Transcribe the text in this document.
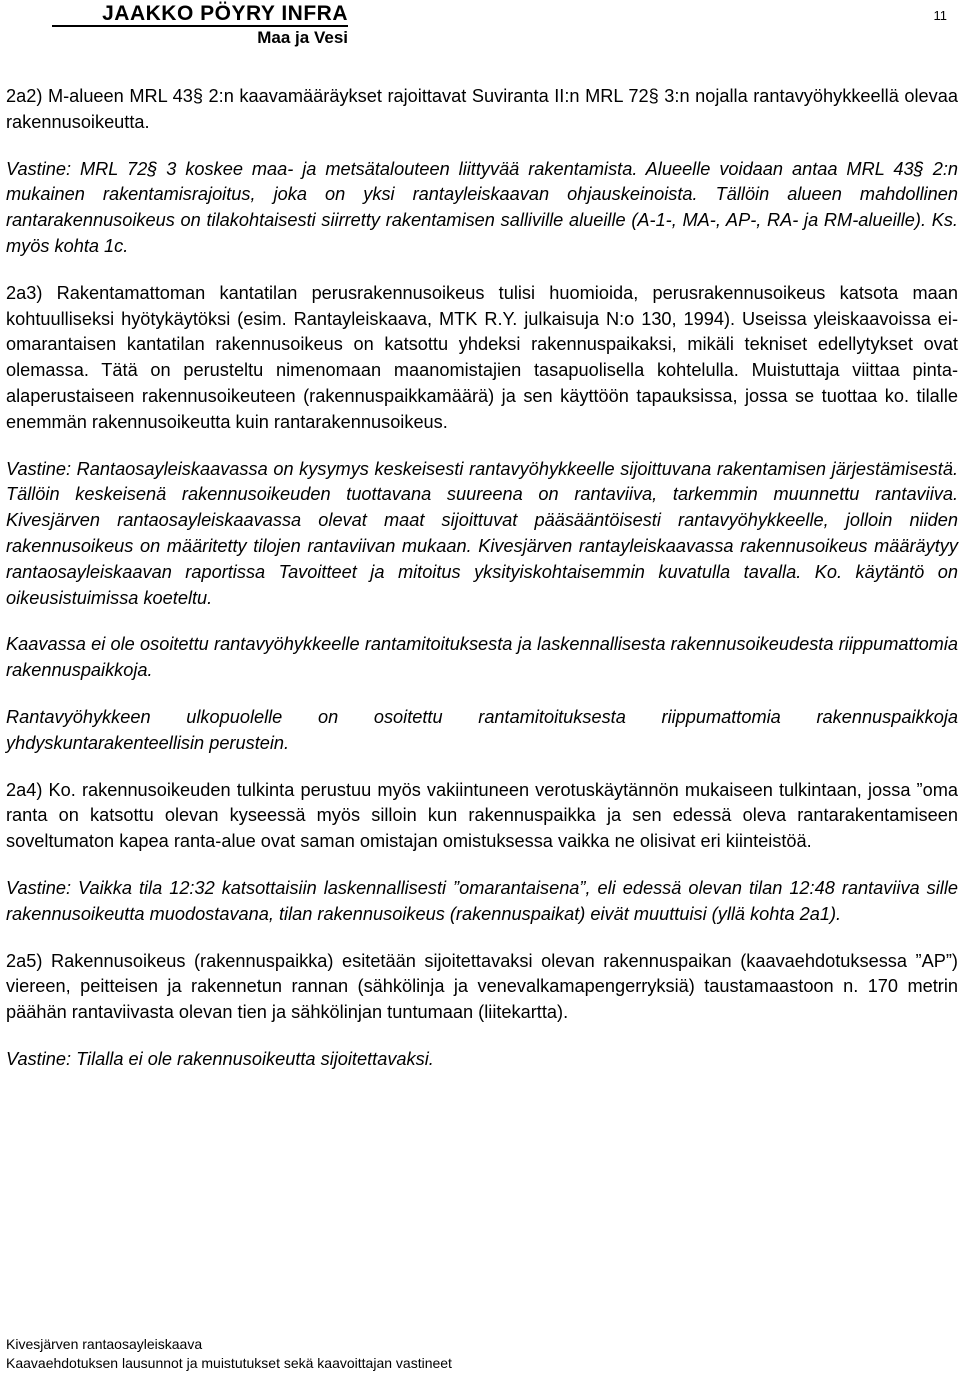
JAAKKO PÖYRY INFRA
Maa ja Vesi
11

2a2) M-alueen MRL 43§ 2:n kaavamääräykset rajoittavat Suviranta II:n MRL 72§ 3:n nojalla rantavyöhykkeellä olevaa rakennusoikeutta.

Vastine: MRL 72§ 3 koskee maa- ja metsätalouteen liittyvää rakentamista. Alueelle voidaan antaa MRL 43§ 2:n mukainen rakentamisrajoitus, joka on yksi rantayleiskaavan ohjauskeinoista. Tällöin alueen mahdollinen rantarakennusoikeus on tilakohtaisesti siirretty rakentamisen salliville alueille (A-1-, MA-, AP-, RA- ja RM-alueille). Ks. myös kohta 1c.

2a3) Rakentamattoman kantatilan perusrakennusoikeus tulisi huomioida, perusrakennusoikeus katsota maan kohtuulliseksi hyötykäytöksi (esim. Rantayleiskaava, MTK R.Y. julkaisuja N:o 130, 1994). Useissa yleiskaavoissa ei-omarantaisen kantatilan rakennusoikeus on katsottu yhdeksi rakennuspaikaksi, mikäli tekniset edellytykset ovat olemassa. Tätä on perusteltu nimenomaan maanomistajien tasapuolisella kohtelulla. Muistuttaja viittaa pinta-alaperustaiseen rakennusoikeuteen (rakennuspaikkamäärä) ja sen käyttöön tapauksissa, jossa se tuottaa ko. tilalle enemmän rakennusoikeutta kuin rantarakennusoikeus.

Vastine: Rantaosayleiskaavassa on kysymys keskeisesti rantavyöhykkeelle sijoittuvana rakentamisen järjestämisestä. Tällöin keskeisenä rakennusoikeuden tuottavana suureena on rantaviiva, tarkemmin muunnettu rantaviiva. Kivesjärven rantaosayleiskaavassa olevat maat sijoittuvat pääsääntöisesti rantavyöhykkeelle, jolloin niiden rakennusoikeus on määritetty tilojen rantaviivan mukaan. Kivesjärven rantayleiskaavassa rakennusoikeus määräytyy rantaosayleiskaavan raportissa Tavoitteet ja mitoitus yksityiskohtaisemmin kuvatulla tavalla. Ko. käytäntö on oikeusistuimissa koeteltu.

Kaavassa ei ole osoitettu rantavyöhykkeelle rantamitoituksesta ja laskennallisesta rakennusoikeudesta riippumattomia rakennuspaikkoja.

Rantavyöhykkeen ulkopuolelle on osoitettu rantamitoituksesta riippumattomia rakennuspaikkoja yhdyskuntarakenteellisin perustein.

2a4) Ko. rakennusoikeuden tulkinta perustuu myös vakiintuneen verotuskäytännön mukaiseen tulkintaan, jossa ”oma ranta on katsottu olevan kyseessä myös silloin kun rakennuspaikka ja sen edessä oleva rantarakentamiseen soveltumaton kapea ranta-alue ovat saman omistajan omistuksessa vaikka ne olisivat eri kiinteistöä.

Vastine: Vaikka tila 12:32 katsottaisiin laskennallisesti ”omarantaisena”, eli edessä olevan tilan 12:48 rantaviiva sille rakennusoikeutta muodostavana, tilan rakennusoikeus (rakennuspaikat) eivät muuttuisi (yllä kohta 2a1).

2a5) Rakennusoikeus (rakennuspaikka) esitetään sijoitettavaksi olevan rakennuspaikan (kaavaehdotuksessa ”AP”) viereen, peitteisen ja rakennetun rannan (sähkölinja ja venevalkamapengerryksiä) taustamaastoon n. 170 metrin päähän rantaviivasta olevan tien ja sähkölinjan tuntumaan (liitekartta).

Vastine: Tilalla ei ole rakennusoikeutta sijoitettavaksi.

Kivesjärven rantaosayleiskaava
Kaavaehdotuksen lausunnot ja muistutukset sekä kaavoittajan vastineet
